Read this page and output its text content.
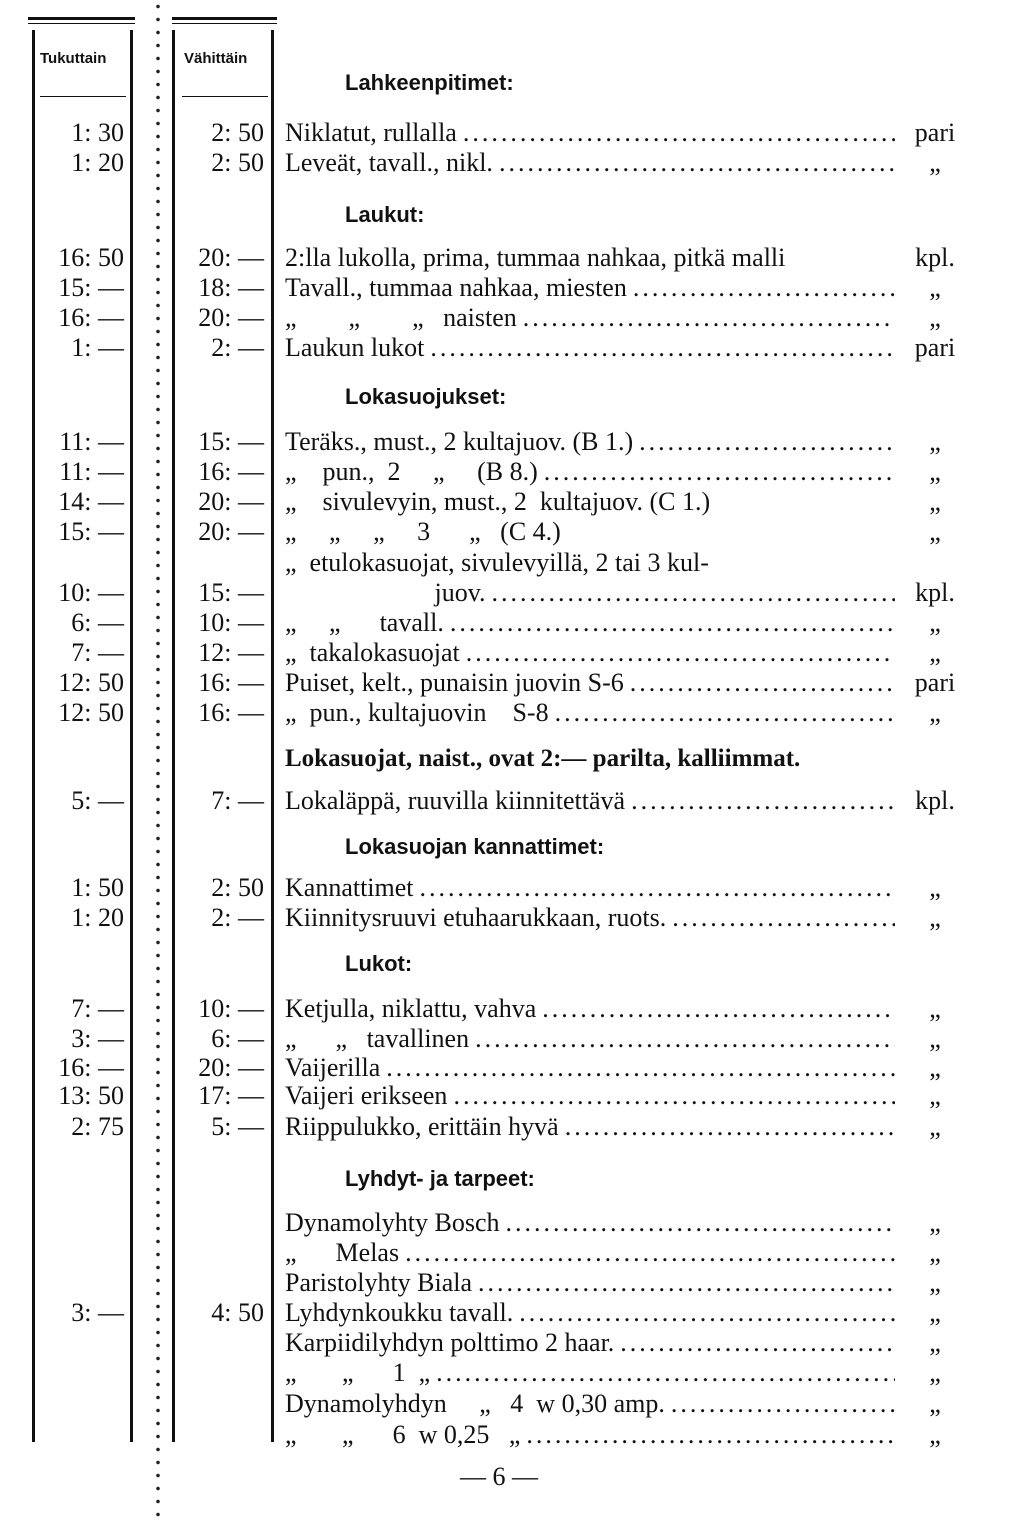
Tukuttain	Vähittäin
Lahkeenpitimet:
1: 30	2: 50 Niklatut, rullalla .....	pari
1: 20	2: 50 Leveät, tavall., nikl. .....	„
Laukut:
16: 50	20: — 2:lla lukolla, prima, tummaa nahkaa, pitkä malli	kpl.
15: —	18: — Tavall., tummaa nahkaa, miesten .....	„
16: —	20: — „        „        „   naisten .....	„
1: —	2: — Laukun lukot .....	pari
Lokasuojukset:
11: —	15: — Teräks., must., 2 kultajuov. (B 1.) .....	„
11: —	16: — „    pun.,  2     „     (B 8.) .....	„
14: —	20: — „    sivulevyin, must., 2  kultajuov. (C 1.)	„
15: —	20: — „     „     „     3      „   (C 4.)	„
„  etulokasuojat, sivulevyillä, 2 tai 3 kul-
10: —	15: — juov. .....	kpl.
6: —	10: — „     „      tavall. .....	„
7: —	12: — „  takalokasuojat .....	„
12: 50	16: — Puiset, kelt., punaisin juovin S-6 .....	pari
12: 50	16: — „  pun., kultajuovin    S-8 .....	„
Lokasuojat, naist., ovat 2:— parilta, kalliimmat.
5: —	7: — Lokaläppä, ruuvilla kiinnitettävä .....	kpl.
Lokasuojan kannattimet:
1: 50	2: 50 Kannattimet .....	„
1: 20	2: — Kiinnitysruuvi etuhaarukkaan, ruots. .....	„
Lukot:
7: —	10: — Ketjulla, niklattu, vahva .....	„
3: —	6: — „      „   tavallinen .....	„
16: —	20: — Vaijerilla .....	„
13: 50	17: — Vaijeri erikseen .....	„
2: 75	5: — Riippulukko, erittäin hyvä .....	„
Lyhdyt- ja tarpeet:
Dynamolyhty Bosch .....	„
„      Melas .....	„
Paristolyhty Biala .....	„
3: —	4: 50 Lyhdynkoukku tavall. .....	„
Karpiidilyhdyn polttimo 2 haar. .....	„
„       „      1  „ .....	„
Dynamolyhdyn     „   4  w 0,30 amp. .....	„
„       „      6  w 0,25   „ .....	„
— 6 —
